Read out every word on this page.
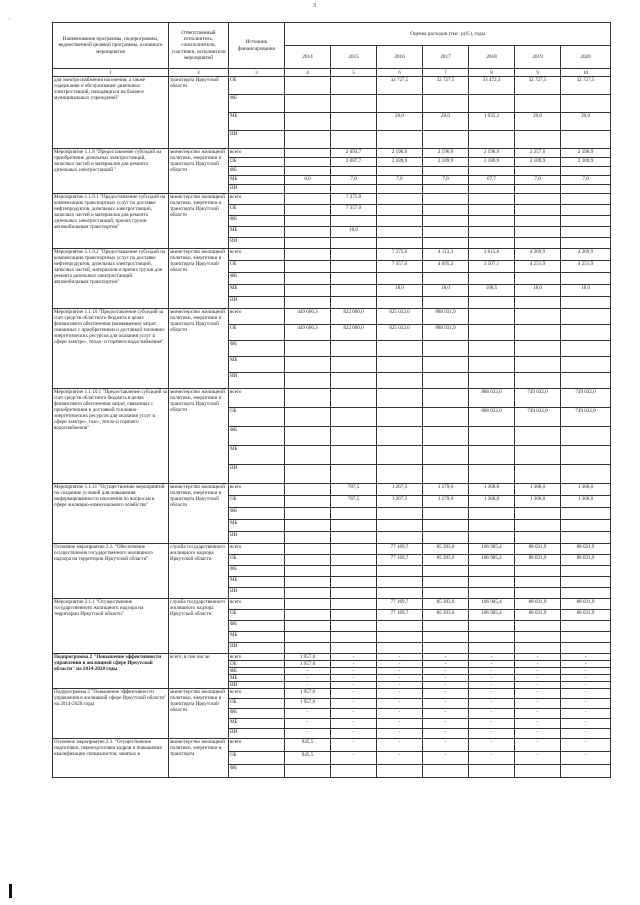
3
'
Наименование программы, подпрограммы, ведомственной целевой программы, основного мероприятия	Ответственный исполнитель, соисполнители, участники, исполнители мероприятий	Источник финансирования	Оценка расходов (тыс. руб.), годы						
			2014	2015	2016	2017	2018	2019	2020
1	2	3	4	5	6	7	8	9	10
для электроснабжения населения, а также содержание и обслуживание дизельных электростанций, находящихся на балансе муниципальных учреждений"	транспорта Иркутской области	ОБ			32 727,5	32 727,5	33 472,3	32 727,5	32 727,5
		ФБ							
		МБ			20,0	20,0	1 035,2	20,0	20,0
		ИИ							
Мероприятие 1.1.8 "Предоставление субсидий на приобретение дизельных электростанций, запасных частей и материалов для ремонта дизельных электростанций "	министерство жилищной политики, энергетики и транспорта Иркутской области	всего		2 093,7	2 196,9	2 196,9	2 196,9	2 257,6	2 196,9
		ОБ		2 087,7	2 189,9	2 189,9	2 189,9	2 189,9	2 189,9
		ФБ							
		МБ	6,0	7,0	7,0	7,0	67,7	7,0	7,0
		ИИ							
Мероприятие 1.1.9.1 "Предоставление субсидий на компенсацию транспортных услуг по доставке нефтепродуктов, дизельных электростанций, запасных частей и материалов для ремонта дизельных электростанций, прочих грузов автомобильным транспортом"	министерство жилищной политики, энергетики и транспорта Иркутской области	всего		7 375,0					
		ОБ		7 357,0					
		ФБ							
		МБ		18,0					
		ИИ							
Мероприятие 1.1.9.2 "Предоставление субсидий на компенсацию транспортных услуг по доставке нефтепродуктов, дизельных электростанций, запасных частей, материалов и прочих грузов для ремонта дизельных электростанций автомобильным транспортом"	министерство жилищной политики, энергетики и транспорта Иркутской области	всего			7 375,0	4 113,3	3 615,6	4 269,9	4 269,9
		ОБ			7 357,0	4 095,3	3 507,1	4 251,9	4 251,9
		ФБ							
		МБ			18,0	18,0	108,5	18,0	18,0
		ИИ							
Мероприятие 1.1.10 "Предоставление субсидий за счет средств областного бюджета в целях финансового обеспечения (возмещения) затрат, связанных с приобретением и доставкой топливно-энергетических ресурсов для оказания услуг в сфере электро-, тепло- и горячего водоснабжения"	министерство жилищной политики, энергетики и транспорта Иркутской области	всего	449 600,3	822 600,0	825 032,0	888 931,9			
		ОБ	449 600,3	822 600,0	825 032,0	888 931,9			
		ФБ							
		МБ							
		ИИ							
Мероприятие 1.1.10.1 "Предоставление субсидий за счет средств областного бюджета в целях финансового обеспечения затрат, связанных с приобретением и доставкой топливно-энергетических ресурсов для оказания услуг в сфере электро-, газо-, тепло-и горячего водоснабжения"	министерство жилищной политики, энергетики и транспорта Иркутской области	всего					888 032,0	749 032,0	749 032,0
		ОБ					888 032,0	749 032,0	749 032,0
		ФБ							
		МБ							
		ИИ							
Мероприятие 1.1.11 "Осуществление мероприятий по созданию условий для повышения информированности населения по вопросам в сфере жилищно-коммунального хозяйства"	министерство жилищной политики, энергетики и транспорта Иркутской области	всего		787,5	1 267,3	1 279,0	1 368,0	1 368,0	1 368,0
		ОБ		787,5	1 267,3	1 279,0	1 368,0	1 368,0	1 368,0
		ФБ							
		МБ							
		ИИ							
Основное мероприятие 2.1. "Обеспечение осуществления государственного жилищного надзора на территории Иркутской области"	служба государственного жилищного надзора Иркутской области	всего			77 169,7	85 393,0	106 905,4	88 031,9	88 031,9
		ОБ			77 169,7	85 393,0	106 905,4	88 031,9	88 031,9
		ФБ							
		МБ							
		ИИ							
Мероприятие 2.1.1 "Осуществление государственного жилищного надзора на территории Иркутской области"	служба государственного жилищного надзора Иркутской области	всего			77 169,7	85 393,0	106 905,4	88 031,9	88 031,9
		ОБ			77 169,7	85 393,0	106 905,4	88 031,9	88 031,9
		ФБ							
		МБ							
		ИИ							
Подпрограмма 2 "Повышение эффективности управления в жилищной сфере Иркутской области" на 2014-2020 годы	всего, в том числе:	всего	1 957,0	-	-	-	-	-	-
		ОБ	1 957,0	-	-	-	-	-	-
		ФБ	-	-	-	-	-	-	-
		МБ	-	-	-	-	-	-	-
		ИИ	-	-	-	-	-	-	-
Подпрограмма 2 "Повышение эффективности управления в жилищной сфере Иркутской области" на 2014-2020 годы	министерство жилищной политики, энергетики и транспорта Иркутской области	всего	1 957,0	-	-	-	-	-	-
		ОБ	1 957,0	-	-	-	-	-	-
		ФБ	-	-	-	-	-	-	-
		МБ	-	-	-	-	-	-	-
		ИИ	-	-	-	-	-	-	-
Основное мероприятие 2.1. "Осуществление подготовки, переподготовки кадров и повышения квалификации специалистов, занятых в	министерство жилищной политики, энергетики и транспорта	всего	945,5	-	-	-	-	-	-
		ОБ	945,5	-	-	-	-	-	-
		ФБ							
